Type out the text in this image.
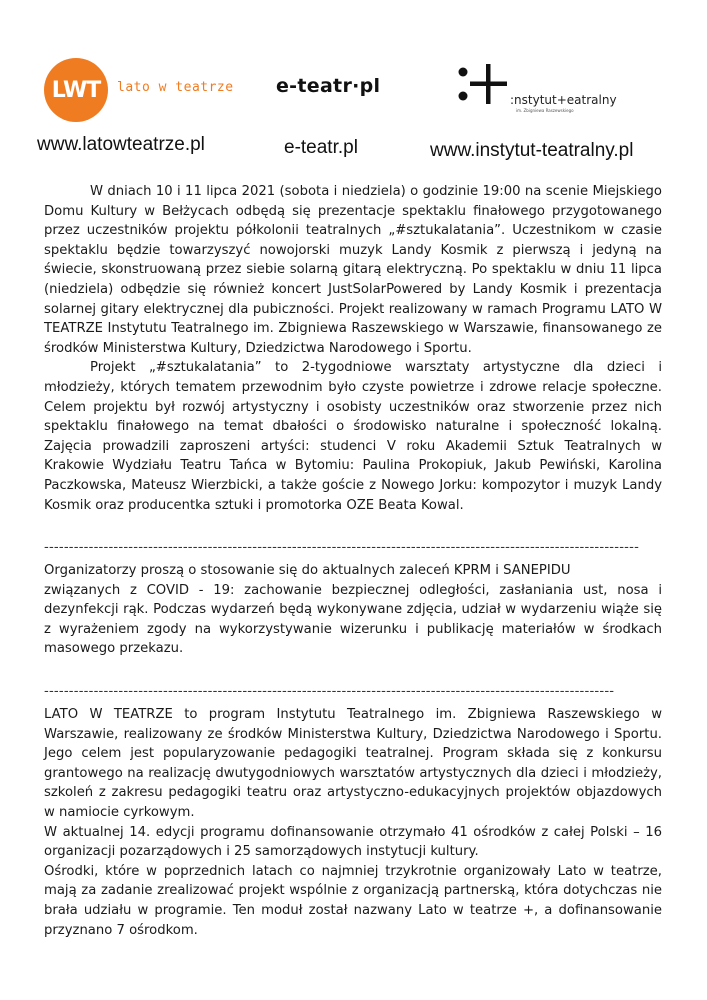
LWT	lato w teatrze e-teatr·pl
:nstytut+eatralny
im. Zbigniewa Raszewskiego
www.latowteatrze.pl	e-teatr.pl	www.instytut-teatralny.pl

W dniach 10 i 11 lipca 2021 (sobota i niedziela) o godzinie 19:00 na scenie Miejskiego Domu Kultury w Bełżycach odbędą się prezentacje spektaklu finałowego przygotowanego przez uczestników projektu półkolonii teatralnych „#sztukalatania”. Uczestnikom w czasie spektaklu będzie towarzyszyć nowojorski muzyk Landy Kosmik z pierwszą i jedyną na świecie, skonstruowaną przez siebie solarną gitarą elektryczną. Po spektaklu w dniu 11 lipca (niedziela) odbędzie się również koncert JustSolarPowered by Landy Kosmik i prezentacja solarnej gitary elektrycznej dla pubiczności. Projekt realizowany w ramach Programu LATO W TEATRZE Instytutu Teatralnego im. Zbigniewa Raszewskiego w Warszawie, finansowanego ze środków Ministerstwa Kultury, Dziedzictwa Narodowego i Sportu.

Projekt „#sztukalatania” to 2-tygodniowe warsztaty artystyczne dla dzieci i młodzieży, których tematem przewodnim było czyste powietrze i zdrowe relacje społeczne. Celem projektu był rozwój artystyczny i osobisty uczestników oraz stworzenie przez nich spektaklu finałowego na temat dbałości o środowisko naturalne i społeczność lokalną. Zajęcia prowadzili zaproszeni artyści: studenci V roku Akademii Sztuk Teatralnych w Krakowie Wydziału Teatru Tańca w Bytomiu: Paulina Prokopiuk, Jakub Pewiński, Karolina Paczkowska, Mateusz Wierzbicki, a także goście z Nowego Jorku: kompozytor i muzyk Landy Kosmik oraz producentka sztuki i promotorka OZE Beata Kowal.

------------------------------------------------------------------------------------------------------------------------

Organizatorzy proszą o stosowanie się do aktualnych zaleceń KPRM i SANEPIDU

związanych z COVID - 19: zachowanie bezpiecznej odległości, zasłaniania ust, nosa i dezynfekcji rąk. Podczas wydarzeń będą wykonywane zdjęcia, udział w wydarzeniu wiąże się z wyrażeniem zgody na wykorzystywanie wizerunku i publikację materiałów w środkach masowego przekazu.

-------------------------------------------------------------------------------------------------------------------

LATO W TEATRZE to program Instytutu Teatralnego im. Zbigniewa Raszewskiego w Warszawie, realizowany ze środków Ministerstwa Kultury, Dziedzictwa Narodowego i Sportu. Jego celem jest popularyzowanie pedagogiki teatralnej. Program składa się z konkursu grantowego na realizację dwutygodniowych warsztatów artystycznych dla dzieci i młodzieży, szkoleń z zakresu pedagogiki teatru oraz artystyczno-edukacyjnych projektów objazdowych w namiocie cyrkowym.

W aktualnej 14. edycji programu dofinansowanie otrzymało 41 ośrodków z całej Polski – 16 organizacji pozarządowych i 25 samorządowych instytucji kultury.

Ośrodki, które w poprzednich latach co najmniej trzykrotnie organizowały Lato w teatrze, mają za zadanie zrealizować projekt wspólnie z organizacją partnerską, która dotychczas nie brała udziału w programie. Ten moduł został nazwany Lato w teatrze +, a dofinansowanie przyznano 7 ośrodkom.
